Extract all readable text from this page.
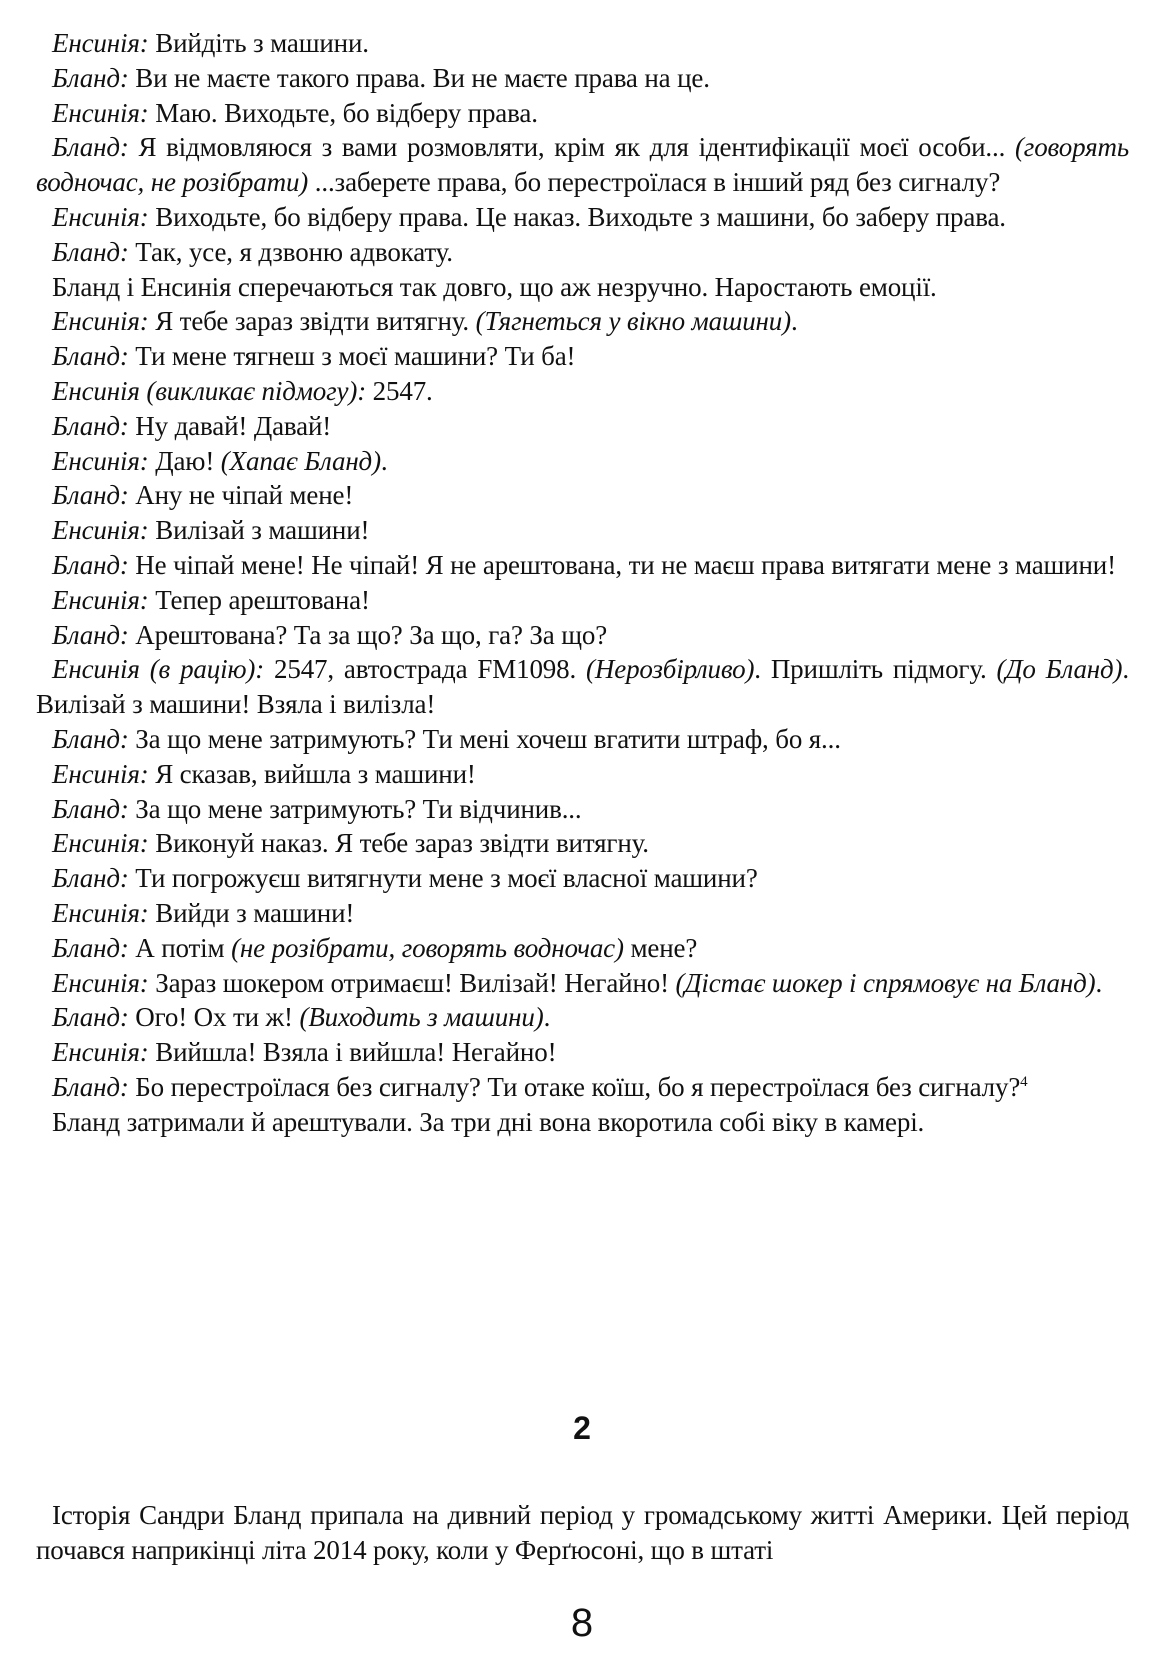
Енсинія: Вийдіть з машини.

Бланд: Ви не маєте такого права. Ви не маєте права на це.

Енсинія: Маю. Виходьте, бо відберу права.

Бланд: Я відмовляюся з вами розмовляти, крім як для ідентифікації моєї особи... (говорять водночас, не розібрати) ...заберете права, бо перестроїлася в інший ряд без сигналу?

Енсинія: Виходьте, бо відберу права. Це наказ. Виходьте з машини, бо заберу права.

Бланд: Так, усе, я дзвоню адвокату.

Бланд і Енсинія сперечаються так довго, що аж незручно. Наростають емоції.

Енсинія: Я тебе зараз звідти витягну. (Тягнеться у вікно машини).

Бланд: Ти мене тягнеш з моєї машини? Ти ба!

Енсинія (викликає підмогу): 2547.

Бланд: Ну давай! Давай!

Енсинія: Даю! (Хапає Бланд).

Бланд: Ану не чіпай мене!

Енсинія: Вилізай з машини!

Бланд: Не чіпай мене! Не чіпай! Я не арештована, ти не маєш права витягати мене з машини!

Енсинія: Тепер арештована!

Бланд: Арештована? Та за що? За що, га? За що?

Енсинія (в рацію): 2547, автострада FM1098. (Нерозбірливо). Пришліть підмогу. (До Бланд). Вилізай з машини! Взяла і вилізла!

Бланд: За що мене затримують? Ти мені хочеш вгатити штраф, бо я...

Енсинія: Я сказав, вийшла з машини!

Бланд: За що мене затримують? Ти відчинив...

Енсинія: Виконуй наказ. Я тебе зараз звідти витягну.

Бланд: Ти погрожуєш витягнути мене з моєї власної машини?

Енсинія: Вийди з машини!

Бланд: А потім (не розібрати, говорять водночас) мене?

Енсинія: Зараз шокером отримаєш! Вилізай! Негайно! (Дістає шокер і спрямовує на Бланд).

Бланд: Ого! Ох ти ж! (Виходить з машини).

Енсинія: Вийшла! Взяла і вийшла! Негайно!

Бланд: Бо перестроїлася без сигналу? Ти отаке коїш, бо я перестроїлася без сигналу?$^4$

Бланд затримали й арештували. За три дні вона вкоротила собі віку в камері.

2

Історія Сандри Бланд припала на дивний період у громадському житті Америки. Цей період почався наприкінці літа 2014 року, коли у Ферґюсоні, що в штаті

8
